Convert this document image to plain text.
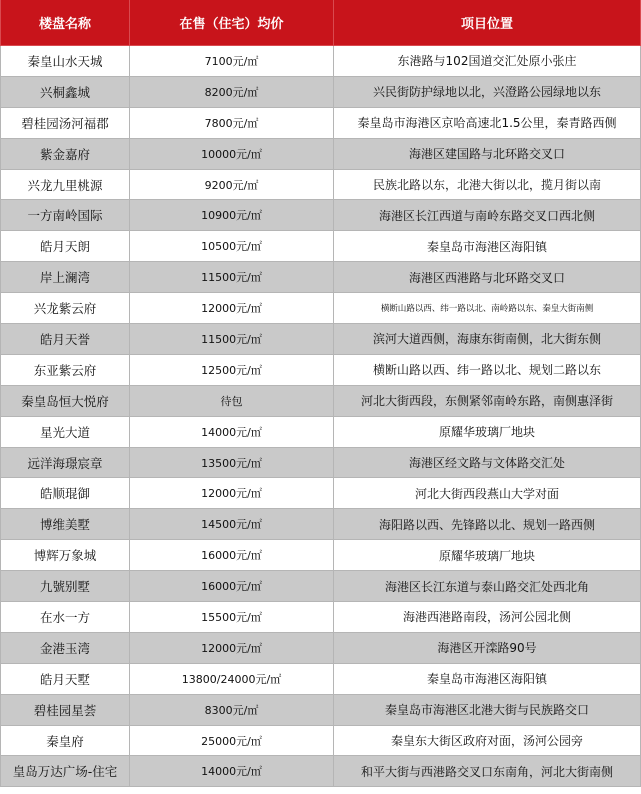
楼盘名称	在售（住宅）均价	项目位置
秦皇山水天城	7100元/㎡	东港路与102国道交汇处原小张庄
兴桐鑫城	8200元/㎡	兴民街防护绿地以北，兴澄路公园绿地以东
碧桂园汤河福郡	7800元/㎡	秦皇岛市海港区京哈高速北1.5公里，秦青路西侧
紫金嘉府	10000元/㎡	海港区建国路与北环路交叉口
兴龙九里桃源	9200元/㎡	民族北路以东，北港大街以北，揽月街以南
一方南岭国际	10900元/㎡	海港区长江西道与南岭东路交叉口西北侧
皓月天朗	10500元/㎡	秦皇岛市海港区海阳镇
岸上澜湾	11500元/㎡	海港区西港路与北环路交叉口
兴龙紫云府	12000元/㎡	横断山路以西、纬一路以北、南岭路以东、秦皇大街南侧
皓月天誉	11500元/㎡	滨河大道西侧，海康东街南侧，北大街东侧
东亚紫云府	12500元/㎡	横断山路以西、纬一路以北、规划二路以东
秦皇岛恒大悦府	待包	河北大街西段，东侧紧邻南岭东路，南侧惠泽街
星光大道	14000元/㎡	原耀华玻璃厂地块
远洋海璟宸章	13500元/㎡	海港区经文路与文体路交汇处
皓顺琨御	12000元/㎡	河北大街西段燕山大学对面
博维美墅	14500元/㎡	海阳路以西、先锋路以北、规划一路西侧
博辉万象城	16000元/㎡	原耀华玻璃厂地块
九號别墅	16000元/㎡	海港区长江东道与泰山路交汇处西北角
在水一方	15500元/㎡	海港西港路南段，汤河公园北侧
金港玉湾	12000元/㎡	海港区开滦路90号
皓月天墅	13800/24000元/㎡	秦皇岛市海港区海阳镇
碧桂园星荟	8300元/㎡	秦皇岛市海港区北港大街与民族路交口
秦皇府	25000元/㎡	秦皇东大街区政府对面，汤河公园旁
皇岛万达广场-住宅	14000元/㎡	和平大街与西港路交叉口东南角，河北大街南侧
